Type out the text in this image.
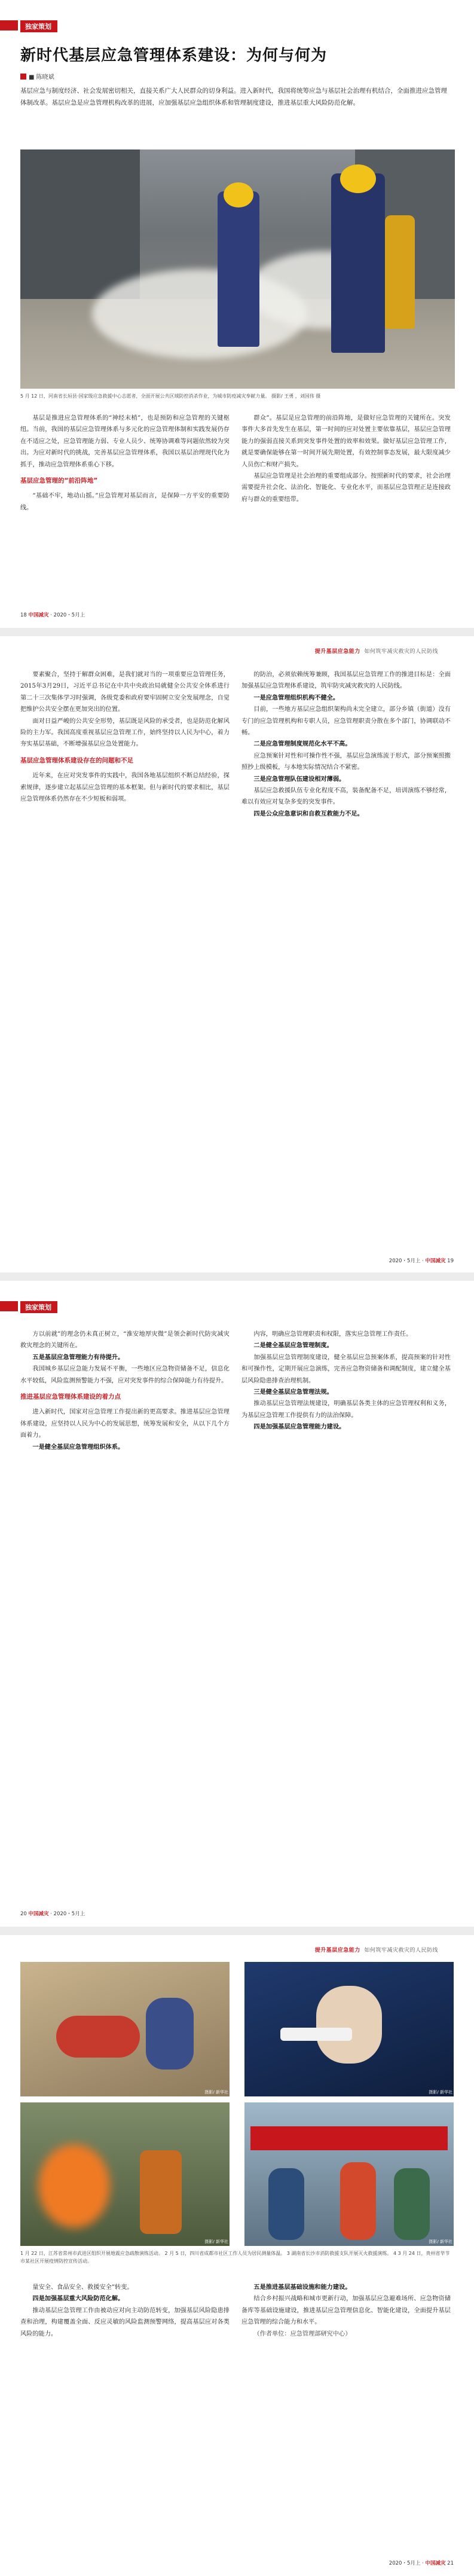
独家策划
新时代基层应急管理体系建设：为何与何为
■ 陈晓斌

基层应急与制度经济、社会发展密切相关，直接关系广大人民群众的切身利益。进入新时代，我国将统筹应急与基层社会治理有机结合，全面推进应急管理体制改革。基层应急是应急管理机构改革的进展，应加强基层应急组织体系和管理制度建设，推进基层重大风险防范化解。

5 月 12 日，河南省长垣县·国家级应急救援中心志愿者，全面开展公共区域防控消杀作业，为城市防疫减灾奉献力量。 摄影/ 王勇 ，刘国伟 摄

基层是推进应急管理体系的“神经末梢”，也是预防和应急管理的关键枢纽。当前，我国的基层应急管理体系与多元化的应急管理体制和实践发展仍存在不适应之处，应急管理能力弱、专业人员少、统筹协调难等问题依然较为突出。为应对新时代的挑战，完善基层应急管理体系，我国以基层治理现代化为抓手，推动应急管理体系重心下移。

基层应急管理的“前沿阵地”

“基础不牢，地动山摇。”应急管理对基层而言，是保障一方平安的重要防线。

群众”。基层是应急管理的前沿阵地，是做好应急管理的关键所在。突发事件大多首先发生在基层，第一时间的应对处置主要依靠基层，基层应急管理能力的强弱直接关系到突发事件处置的效率和效果。做好基层应急管理工作，就是要确保能够在第一时间开展先期处置，有效控制事态发展，最大限度减少人员伤亡和财产损失。

基层应急管理是社会治理的重要组成部分。按照新时代的要求，社会治理需要提升社会化、法治化、智能化、专业化水平，而基层应急管理正是连接政府与群众的重要纽带。

18 中国减灾 · 2020・5月上
提升基层应急能力 如何筑牢减灾救灾的人民防线

要素聚合，坚持于解群众困难，是我们就对当的一项重要应急管理任务，2015年3月29日，习近平总书记在中共中央政治局就健全公共安全体系进行第二十三次集体学习时强调，各级党委和政府要牢固树立安全发展理念，自觉把维护公共安全摆在更加突出的位置。

面对日益严峻的公共安全形势，基层既是风险的承受者，也是防范化解风险的主力军。我国高度重视基层应急管理工作，始终坚持以人民为中心，着力夯实基层基础，不断增强基层应急处置能力。

基层应急管理体系建设存在的问题和不足

近年来，在应对突发事件的实践中，我国各地基层组织不断总结经验，探索规律，逐步建立起基层应急管理的基本框架。但与新时代的要求相比，基层应急管理体系仍然存在不少短板和弱项。

的防治，必须依赖统筹兼顾，我国基层应急管理工作的推进目标是：全面加强基层应急管理体系建设，筑牢防灾减灾救灾的人民防线。

一是应急管理组织机构不健全。

目前，一些地方基层应急组织架构尚未完全建立，部分乡镇（街道）没有专门的应急管理机构和专职人员，应急管理职责分散在多个部门，协调联动不畅。

二是应急管理制度规范化水平不高。

应急预案针对性和可操作性不强，基层应急演练流于形式，部分预案照搬照抄上级模板，与本地实际情况结合不紧密。

三是应急管理队伍建设相对薄弱。

基层应急救援队伍专业化程度不高，装备配备不足，培训演练不够经常，难以有效应对复杂多变的突发事件。

四是公众应急意识和自救互救能力不足。

2020・5月上 · 中国减灾 19
独家策划

方以前就”的理念仍未真正树立，“淮安地厚灾微”是领会新时代防灾减灾救灾理念的关键所在。

五是基层应急管理能力有待提升。

我国城乡基层应急能力发展不平衡，一些地区应急物资储备不足，信息化水平较低，风险监测预警能力不强，应对突发事件的综合保障能力有待提升。

推进基层应急管理体系建设的着力点

进入新时代，国家对应急管理工作提出新的更高要求。推进基层应急管理体系建设，应坚持以人民为中心的发展思想，统筹发展和安全，从以下几个方面着力。

一是健全基层应急管理组织体系。

内容，明确应急管理职责和权限，落实应急管理工作责任。

二是健全基层应急管理制度。

加强基层应急管理制度建设，健全基层应急预案体系，提高预案的针对性和可操作性，定期开展应急演练，完善应急物资储备和调配制度，建立健全基层风险隐患排查治理机制。

三是健全基层应急管理法规。

推动基层应急管理法规建设，明确基层各类主体的应急管理权利和义务，为基层应急管理工作提供有力的法治保障。

四是加强基层应急管理能力建设。

20 中国减灾 · 2020・5月上
提升基层应急能力 如何筑牢减灾救灾的人民防线
摄影/ 新华社	摄影/ 新华社
摄影/ 新华社	摄影/ 新华社
1 月 22 日，江苏省常州市武进区组织开展地震应急疏散演练活动。 2 月 5 日，四川省成都市社区工作人员为居民测量体温。 3 湖南省长沙市消防救援支队开展灭火救援演练。 4 3 月 24 日，贵州省毕节市某社区开展疫情防控宣传活动。

量安全、食品安全、救援安全”转变。

四是加强基层重大风险防范化解。

推动基层应急管理工作由被动应对向主动防范转变，加强基层风险隐患排查和治理，构建覆盖全面、反应灵敏的风险监测预警网络，提高基层应对各类风险的能力。

五是推进基层基础设施和能力建设。

结合乡村振兴战略和城市更新行动，加强基层应急避难场所、应急物资储备库等基础设施建设，推进基层应急管理信息化、智能化建设，全面提升基层应急管理的综合能力和水平。

（作者单位：应急管理部研究中心）

2020・5月上 · 中国减灾 21
